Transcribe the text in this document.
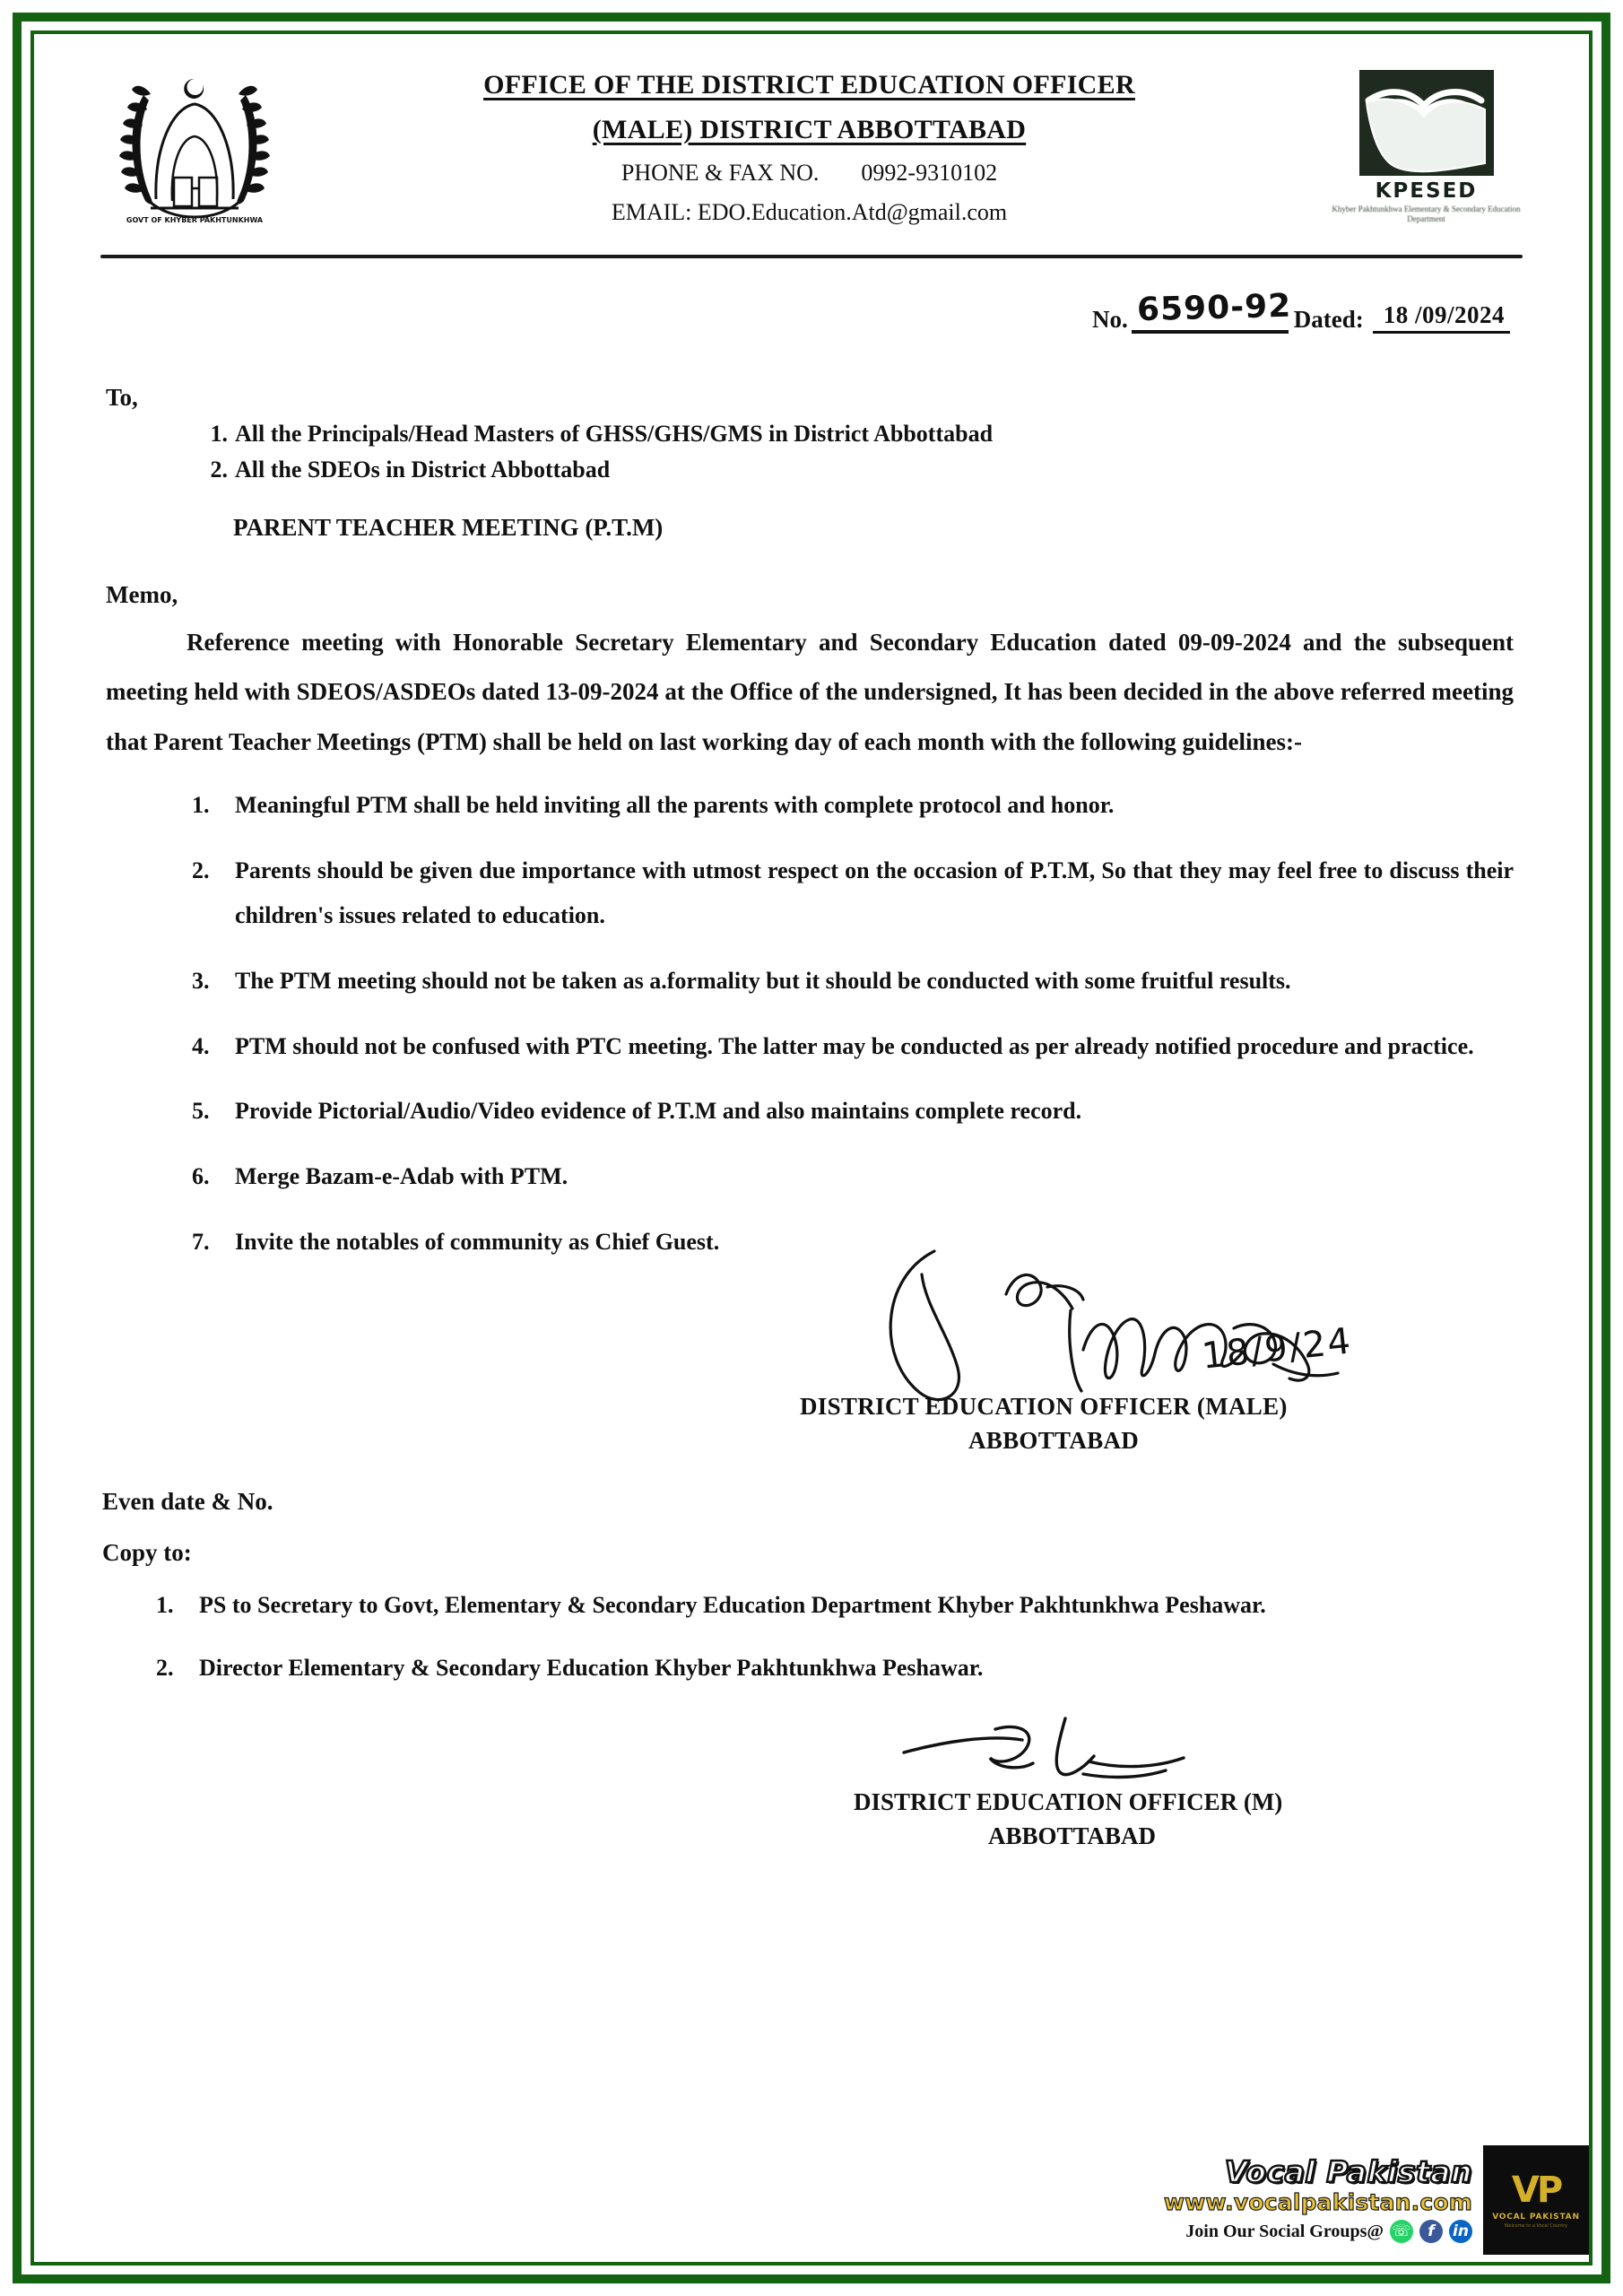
GOVT OF KHYBER PAKHTUNKHWA
OFFICE OF THE DISTRICT EDUCATION OFFICER
(MALE) DISTRICT ABBOTTABAD
PHONE & FAX NO. 0992-9310102
EMAIL: EDO.Education.Atd@gmail.com
KPESED
Khyber Pakhtunkhwa Elementary & Secondary Education Department
No. 6590-92 Dated: 18 /09/2024
To,
1. All the Principals/Head Masters of GHSS/GHS/GMS in District Abbottabad
2. All the SDEOs in District Abbottabad
PARENT TEACHER MEETING (P.T.M)
Memo,
Reference meeting with Honorable Secretary Elementary and Secondary Education dated 09-09-2024 and the subsequent meeting held with SDEOS/ASDEOs dated 13-09-2024 at the Office of the undersigned, It has been decided in the above referred meeting that Parent Teacher Meetings (PTM) shall be held on last working day of each month with the following guidelines:-
1.	Meaningful PTM shall be held inviting all the parents with complete protocol and honor.
2.	Parents should be given due importance with utmost respect on the occasion of P.T.M, So that they may feel free to discuss their children's issues related to education.
3.	The PTM meeting should not be taken as a.formality but it should be conducted with some fruitful results.
4.	PTM should not be confused with PTC meeting. The latter may be conducted as per already notified procedure and practice.
5.	Provide Pictorial/Audio/Video evidence of P.T.M and also maintains complete record.
6.	Merge Bazam-e-Adab with PTM.
7.	Invite the notables of community as Chief Guest.
18/9/24
DISTRICT EDUCATION OFFICER (MALE)
ABBOTTABAD
Even date & No.
Copy to:
1.	PS to Secretary to Govt, Elementary & Secondary Education Department Khyber Pakhtunkhwa Peshawar.
2.	Director Elementary & Secondary Education Khyber Pakhtunkhwa Peshawar.
DISTRICT EDUCATION OFFICER (M)
ABBOTTABAD
Vocal Pakistan
www.vocalpakistan.com
Join Our Social Groups@ ☏	f	in
VP
VOCAL PAKISTAN
Welcome to a Vocal Country
